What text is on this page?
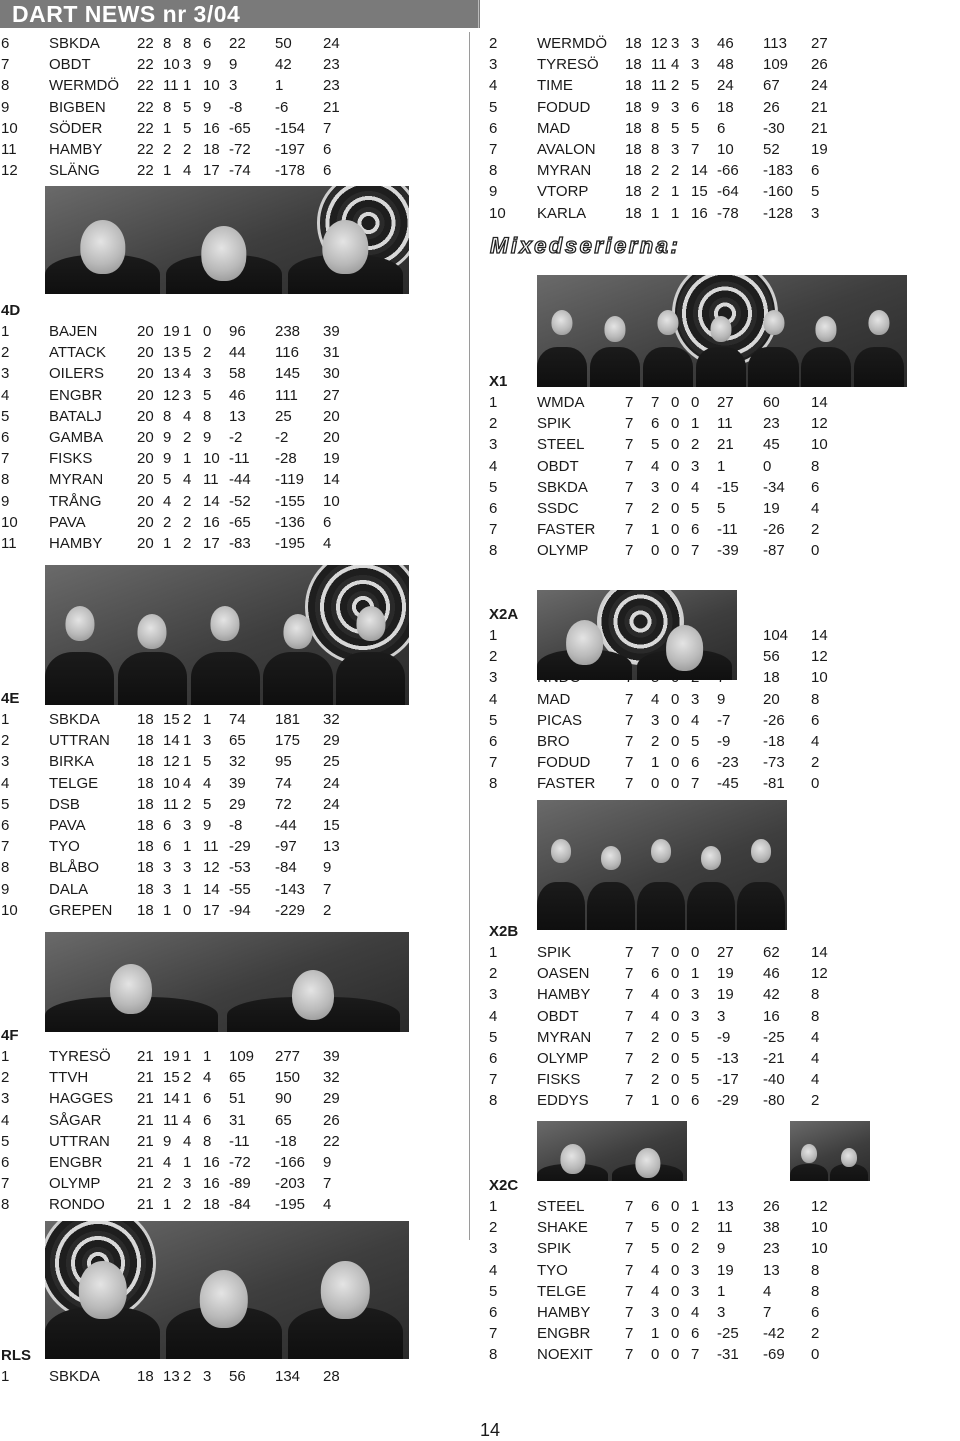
DART NEWS nr 3/04
6	SBKDA	22	8	8	6	22	50	24
7	OBDT	22	10	3	9	9	42	23
8	WERMDÖ	22	11	1	10	3	1	23
9	BIGBEN	22	8	5	9	-8	-6	21
10	SÖDER	22	1	5	16	-65	-154	7
11	HAMBY	22	2	2	18	-72	-197	6
12	SLÄNG	22	1	4	17	-74	-178	6
4D
1	BAJEN	20	19	1	0	96	238	39
2	ATTACK	20	13	5	2	44	116	31
3	OILERS	20	13	4	3	58	145	30
4	ENGBR	20	12	3	5	46	111	27
5	BATALJ	20	8	4	8	13	25	20
6	GAMBA	20	9	2	9	-2	-2	20
7	FISKS	20	9	1	10	-11	-28	19
8	MYRAN	20	5	4	11	-44	-119	14
9	TRÅNG	20	4	2	14	-52	-155	10
10	PAVA	20	2	2	16	-65	-136	6
11	HAMBY	20	1	2	17	-83	-195	4
4E
1	SBKDA	18	15	2	1	74	181	32
2	UTTRAN	18	14	1	3	65	175	29
3	BIRKA	18	12	1	5	32	95	25
4	TELGE	18	10	4	4	39	74	24
5	DSB	18	11	2	5	29	72	24
6	PAVA	18	6	3	9	-8	-44	15
7	TYO	18	6	1	11	-29	-97	13
8	BLÅBO	18	3	3	12	-53	-84	9
9	DALA	18	3	1	14	-55	-143	7
10	GREPEN	18	1	0	17	-94	-229	2
4F
1	TYRESÖ	21	19	1	1	109	277	39
2	TTVH	21	15	2	4	65	150	32
3	HAGGES	21	14	1	6	51	90	29
4	SÅGAR	21	11	4	6	31	65	26
5	UTTRAN	21	9	4	8	-11	-18	22
6	ENGBR	21	4	1	16	-72	-166	9
7	OLYMP	21	2	3	16	-89	-203	7
8	RONDO	21	1	2	18	-84	-195	4
RLS
1	SBKDA	18	13	2	3	56	134	28
2	WERMDÖ	18	12	3	3	46	113	27
3	TYRESÖ	18	11	4	3	48	109	26
4	TIME	18	11	2	5	24	67	24
5	FODUD	18	9	3	6	18	26	21
6	MAD	18	8	5	5	6	-30	21
7	AVALON	18	8	3	7	10	52	19
8	MYRAN	18	2	2	14	-66	-183	6
9	VTORP	18	2	1	15	-64	-160	5
10	KARLA	18	1	1	16	-78	-128	3
Mixedserierna:
X1
1	WMDA	7	7	0	0	27	60	14
2	SPIK	7	6	0	1	11	23	12
3	STEEL	7	5	0	2	21	45	10
4	OBDT	7	4	0	3	1	0	8
5	SBKDA	7	3	0	4	-15	-34	6
6	SSDC	7	2	0	5	5	19	4
7	FASTER	7	1	0	6	-11	-26	2
8	OLYMP	7	0	0	7	-39	-87	0
X2A
1							104	14
2							56	12
3							18	10
4	MAD	7	4	0	3	9	20	8
5	PICAS	7	3	0	4	-7	-26	6
6	BRO	7	2	0	5	-9	-18	4
7	FODUD	7	1	0	6	-23	-73	2
8	FASTER	7	0	0	7	-45	-81	0
X2B
1	SPIK	7	7	0	0	27	62	14
2	OASEN	7	6	0	1	19	46	12
3	HAMBY	7	4	0	3	19	42	8
4	OBDT	7	4	0	3	3	16	8
5	MYRAN	7	2	0	5	-9	-25	4
6	OLYMP	7	2	0	5	-13	-21	4
7	FISKS	7	2	0	5	-17	-40	4
8	EDDYS	7	1	0	6	-29	-80	2
X2C
1	STEEL	7	6	0	1	13	26	12
2	SHAKE	7	5	0	2	11	38	10
3	SPIK	7	5	0	2	9	23	10
4	TYO	7	4	0	3	19	13	8
5	TELGE	7	4	0	3	1	4	8
6	HAMBY	7	3	0	4	3	7	6
7	ENGBR	7	1	0	6	-25	-42	2
8	NOEXIT	7	0	0	7	-31	-69	0
14
